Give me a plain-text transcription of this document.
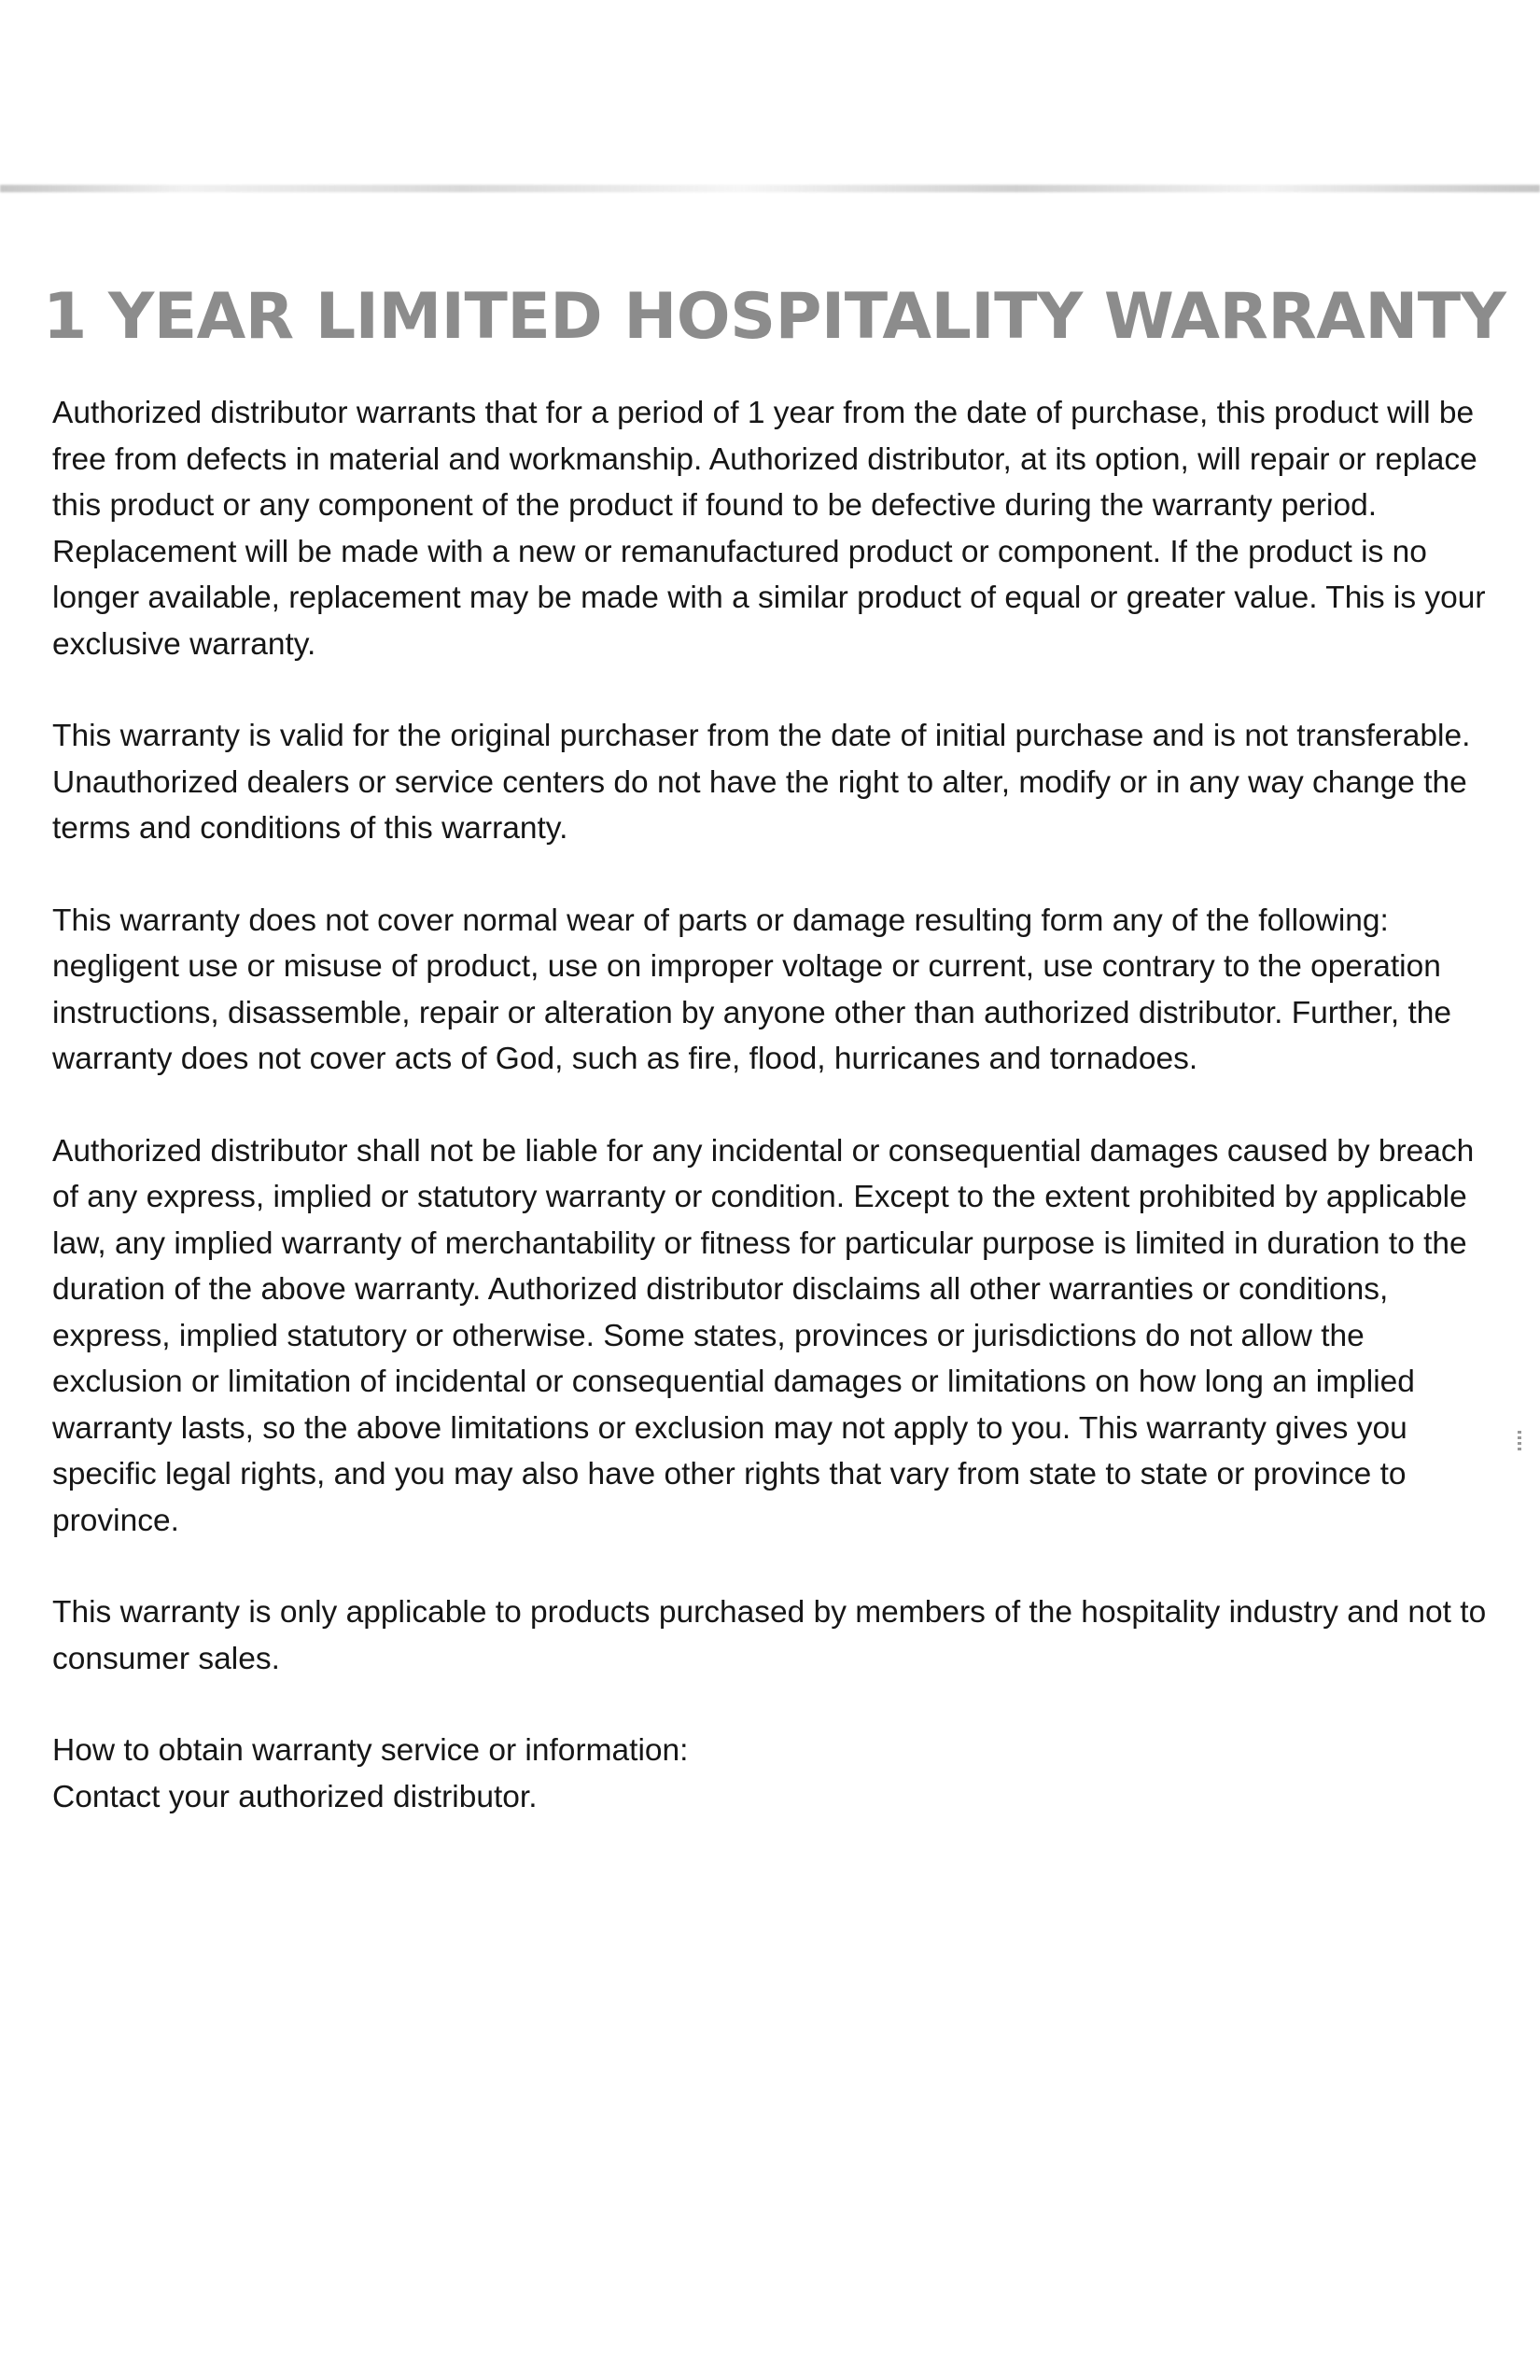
1 YEAR LIMITED HOSPITALITY WARRANTY

Authorized distributor warrants that for a period of 1 year from the date of purchase, this product will be free from defects in material and workmanship. Authorized distributor, at its option, will repair or replace this product or any component of the product if found to be defective during the warranty period. Replacement will be made with a new or remanufactured product or component. If the product is no longer available, replacement may be made with a similar product of equal or greater value. This is your exclusive warranty.

This warranty is valid for the original purchaser from the date of initial purchase and is not transferable. Unauthorized dealers or service centers do not have the right to alter, modify or in any way change the terms and conditions of this warranty.

This warranty does not cover normal wear of parts or damage resulting form any of the following: negligent use or misuse of product, use on improper voltage or current, use contrary to the operation instructions, disassemble, repair or alteration by anyone other than authorized distributor. Further, the warranty does not cover acts of God, such as fire, flood, hurricanes and tornadoes.

Authorized distributor shall not be liable for any incidental or consequential damages caused by breach of any express, implied or statutory warranty or condition. Except to the extent prohibited by applicable law, any implied warranty of merchantability or fitness for particular purpose is limited in duration to the duration of the above warranty. Authorized distributor disclaims all other warranties or conditions, express, implied statutory or otherwise. Some states, provinces or jurisdictions do not allow the exclusion or limitation of incidental or consequential damages or limitations on how long an implied warranty lasts, so the above limitations or exclusion may not apply to you. This warranty gives you specific legal rights, and you may also have other rights that vary from state to state or province to province.

This warranty is only applicable to products purchased by members of the hospitality industry and not to consumer sales.

How to obtain warranty service or information:
Contact your authorized distributor.
